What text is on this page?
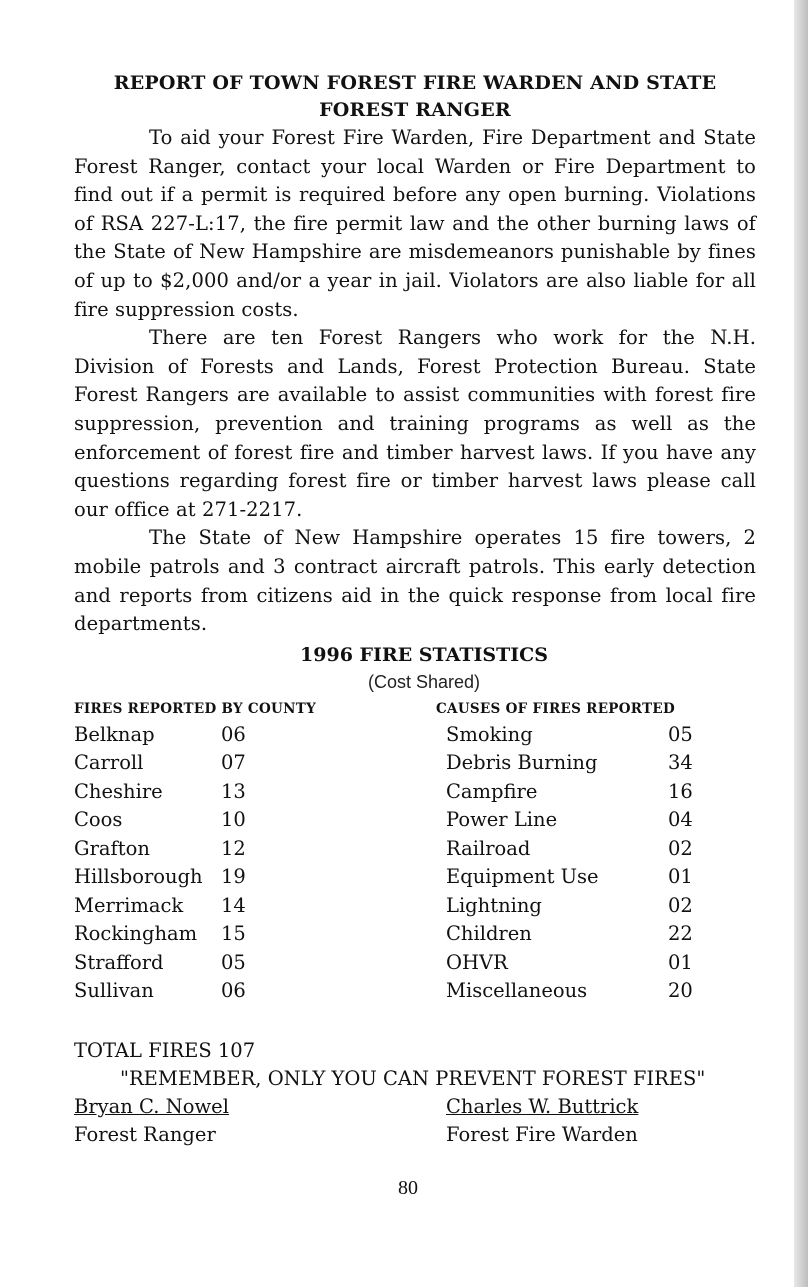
REPORT OF TOWN FOREST FIRE WARDEN AND STATE
FOREST RANGER

To aid your Forest Fire Warden, Fire Department and State Forest Ranger, contact your local Warden or Fire Department to find out if a permit is required before any open burning. Violations of RSA 227-L:17, the fire permit law and the other burning laws of the State of New Hampshire are misdemeanors punishable by fines of up to $2,000 and/or a year in jail. Violators are also liable for all fire suppression costs.

There are ten Forest Rangers who work for the N.H. Division of Forests and Lands, Forest Protection Bureau. State Forest Rangers are available to assist communities with forest fire suppression, prevention and training programs as well as the enforcement of forest fire and timber harvest laws. If you have any questions regarding forest fire or timber harvest laws please call our office at 271-2217.

The State of New Hampshire operates 15 fire towers, 2 mobile patrols and 3 contract aircraft patrols. This early detection and reports from citizens aid in the quick response from local fire departments.

1996 FIRE STATISTICS
(Cost Shared)
FIRES REPORTED BY COUNTY
Belknap	06
Carroll	07
Cheshire	13
Coos	10
Grafton	12
Hillsborough 19
Merrimack 14
Rockingham 15
Strafford	05
Sullivan	06
CAUSES OF FIRES REPORTED
Smoking	05
Debris Burning	34
Campfire	16
Power Line	04
Railroad	02
Equipment Use	01
Lightning	02
Children	22
OHVR	01
Miscellaneous	20
TOTAL FIRES 107

"REMEMBER, ONLY YOU CAN PREVENT FOREST FIRES"

Bryan C. Nowel
Forest Ranger
Charles W. Buttrick
Forest Fire Warden
80
